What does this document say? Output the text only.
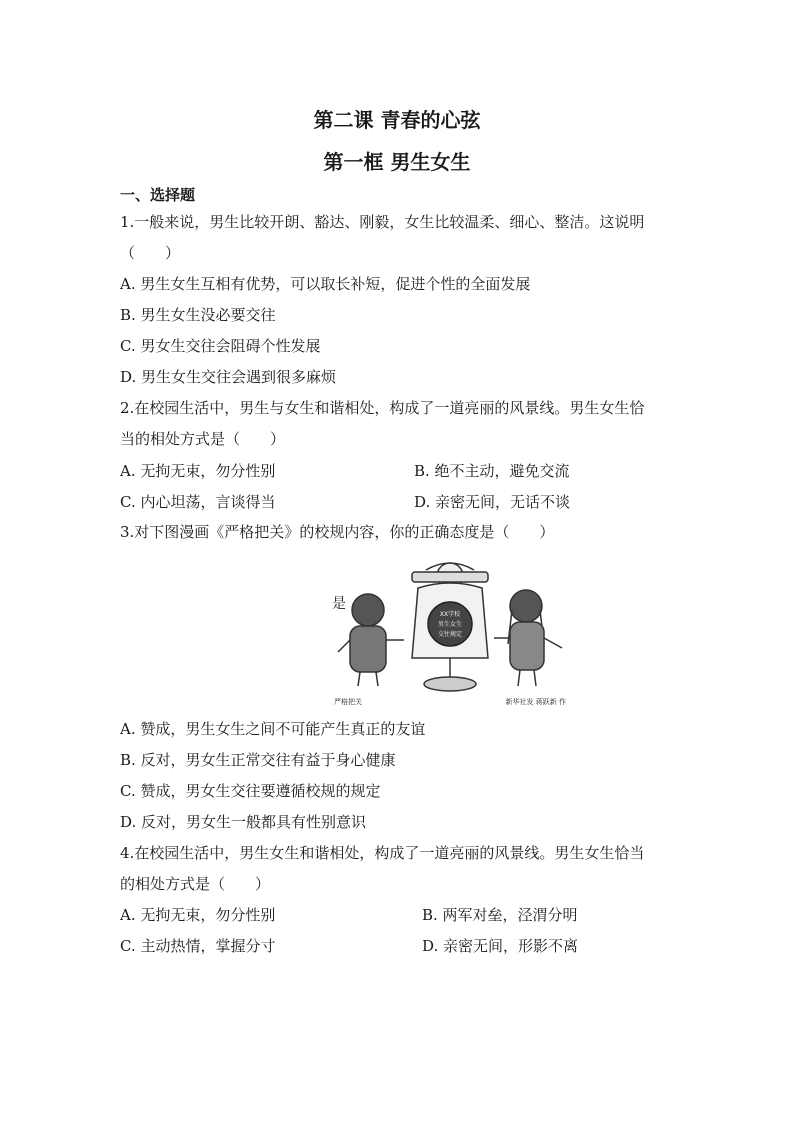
第二课 青春的心弦
第一框 男生女生
一、选择题
1.一般来说，男生比较开朗、豁达、刚毅，女生比较温柔、细心、整洁。这说明
（　　）
A. 男生女生互相有优势，可以取长补短，促进个性的全面发展
B. 男生女生没必要交往
C. 男女生交往会阻碍个性发展
D. 男生女生交往会遇到很多麻烦
2.在校园生活中，男生与女生和谐相处，构成了一道亮丽的风景线。男生女生恰
当的相处方式是（　　）
A. 无拘无束，勿分性别	B. 绝不主动，避免交流
C. 内心坦荡，言谈得当	D. 亲密无间，无话不谈
3.对下图漫画《严格把关》的校规内容，你的正确态度是（　　）
是
XX学校
男生女生
交往规定
严格把关	新华社发 蒋跃新 作
A. 赞成，男生女生之间不可能产生真正的友谊
B. 反对，男女生正常交往有益于身心健康
C. 赞成，男女生交往要遵循校规的规定
D. 反对，男女生一般都具有性别意识
4.在校园生活中，男生女生和谐相处，构成了一道亮丽的风景线。男生女生恰当
的相处方式是（　　）
A. 无拘无束，勿分性别	B. 两军对垒，泾渭分明
C. 主动热情，掌握分寸	D. 亲密无间，形影不离
